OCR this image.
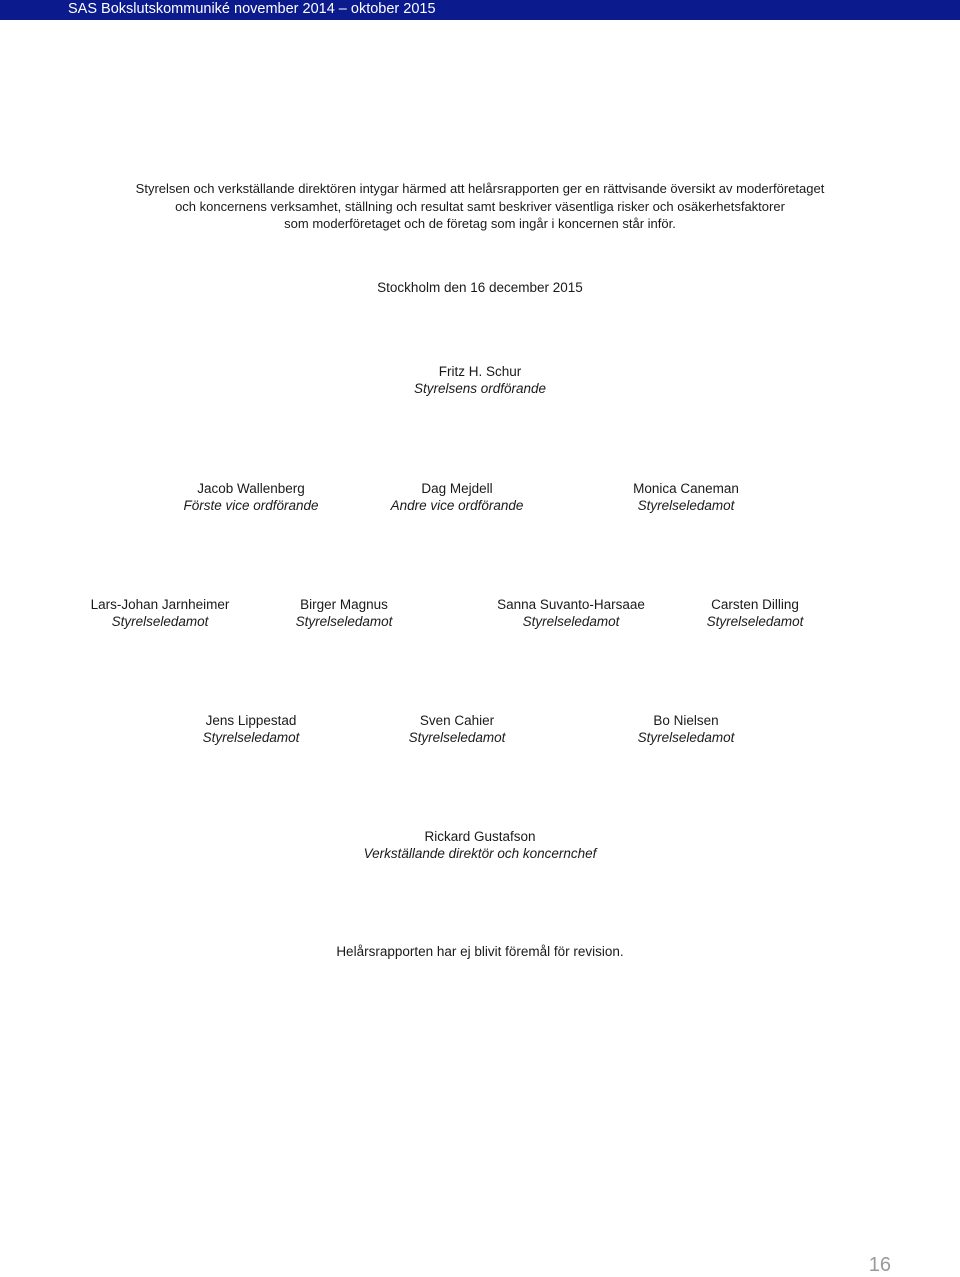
SAS Bokslutskommuniké november 2014 – oktober 2015
Styrelsen och verkställande direktören intygar härmed att helårsrapporten ger en rättvisande översikt av moderföretaget
och koncernens verksamhet, ställning och resultat samt beskriver väsentliga risker och osäkerhetsfaktorer
som moderföretaget och de företag som ingår i koncernen står inför.
Stockholm den 16 december 2015
Fritz H. Schur
Styrelsens ordförande
Jacob Wallenberg
Förste vice ordförande
Dag Mejdell
Andre vice ordförande
Monica Caneman
Styrelseledamot
Lars-Johan Jarnheimer
Styrelseledamot
Birger Magnus
Styrelseledamot
Sanna Suvanto-Harsaae
Styrelseledamot
Carsten Dilling
Styrelseledamot
Jens Lippestad
Styrelseledamot
Sven Cahier
Styrelseledamot
Bo Nielsen
Styrelseledamot
Rickard Gustafson
Verkställande direktör och koncernchef
Helårsrapporten har ej blivit föremål för revision.
16
